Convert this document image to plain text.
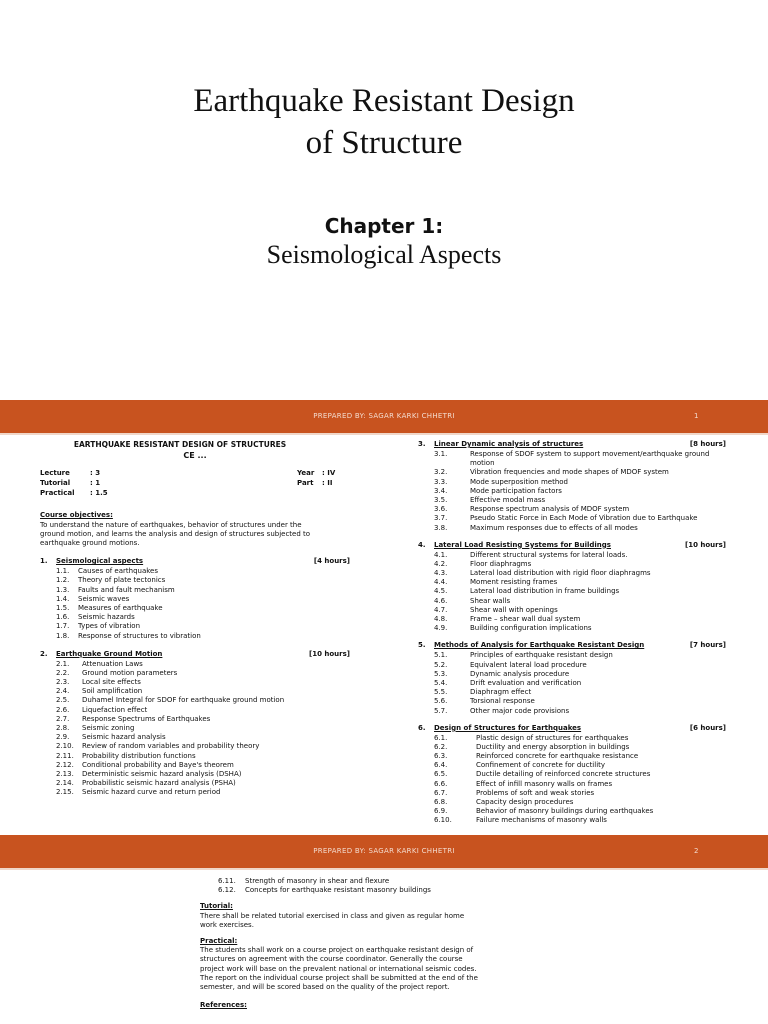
Earthquake Resistant Design
of Structure
Chapter 1:
Seismological Aspects
PREPARED BY: SAGAR KARKI CHHETRI	1
EARTHQUAKE RESISTANT DESIGN OF STRUCTURES
CE ...
Lecture	: 3
Tutorial	: 1
Practical : 1.5
Year : IV
Part : II
Course objectives:
To understand the nature of earthquakes, behavior of structures under the
ground motion, and learns the analysis and design of structures subjected to
earthquake ground motions.
1. Seismological aspects	[4 hours]
1.1. Causes of earthquakes
1.2. Theory of plate tectonics
1.3. Faults and fault mechanism
1.4. Seismic waves
1.5. Measures of earthquake
1.6. Seismic hazards
1.7. Types of vibration
1.8. Response of structures to vibration
2. Earthquake Ground Motion	[10 hours]
2.1. Attenuation Laws
2.2. Ground motion parameters
2.3. Local site effects
2.4. Soil amplification
2.5. Duhamel Integral for SDOF for earthquake ground motion
2.6. Liquefaction effect
2.7. Response Spectrums of Earthquakes
2.8. Seismic zoning
2.9. Seismic hazard analysis
2.10. Review of random variables and probability theory
2.11. Probability distribution functions
2.12. Conditional probability and Baye's theorem
2.13. Deterministic seismic hazard analysis (DSHA)
2.14. Probabilistic seismic hazard analysis (PSHA)
2.15. Seismic hazard curve and return period
3. Linear Dynamic analysis of structures	[8 hours]
3.1.	Response of SDOF system to support movement/earthquake ground
motion
3.2.	Vibration frequencies and mode shapes of MDOF system
3.3.	Mode superposition method
3.4.	Mode participation factors
3.5.	Effective modal mass
3.6.	Response spectrum analysis of MDOF system
3.7.	Pseudo Static Force in Each Mode of Vibration due to Earthquake
3.8.	Maximum responses due to effects of all modes
4. Lateral Load Resisting Systems for Buildings	[10 hours]
4.1.	Different structural systems for lateral loads.
4.2.	Floor diaphragms
4.3.	Lateral load distribution with rigid floor diaphragms
4.4.	Moment resisting frames
4.5.	Lateral load distribution in frame buildings
4.6.	Shear walls
4.7.	Shear wall with openings
4.8.	Frame – shear wall dual system
4.9.	Building configuration implications
5. Methods of Analysis for Earthquake Resistant Design	[7 hours]
5.1.	Principles of earthquake resistant design
5.2.	Equivalent lateral load procedure
5.3.	Dynamic analysis procedure
5.4.	Drift evaluation and verification
5.5.	Diaphragm effect
5.6.	Torsional response
5.7.	Other major code provisions
6. Design of Structures for Earthquakes	[6 hours]
6.1.	Plastic design of structures for earthquakes
6.2.	Ductility and energy absorption in buildings
6.3.	Reinforced concrete for earthquake resistance
6.4.	Confinement of concrete for ductility
6.5.	Ductile detailing of reinforced concrete structures
6.6.	Effect of infill masonry walls on frames
6.7.	Problems of soft and weak stories
6.8.	Capacity design procedures
6.9.	Behavior of masonry buildings during earthquakes
6.10.	Failure mechanisms of masonry walls
PREPARED BY: SAGAR KARKI CHHETRI	2
6.11. Strength of masonry in shear and flexure
6.12. Concepts for earthquake resistant masonry buildings
Tutorial:
There shall be related tutorial exercised in class and given as regular home
work exercises.
Practical:
The students shall work on a course project on earthquake resistant design of
structures on agreement with the course coordinator. Generally the course
project work will base on the prevalent national or international seismic codes.
The report on the individual course project shall be submitted at the end of the
semester, and will be scored based on the quality of the project report.
References:
